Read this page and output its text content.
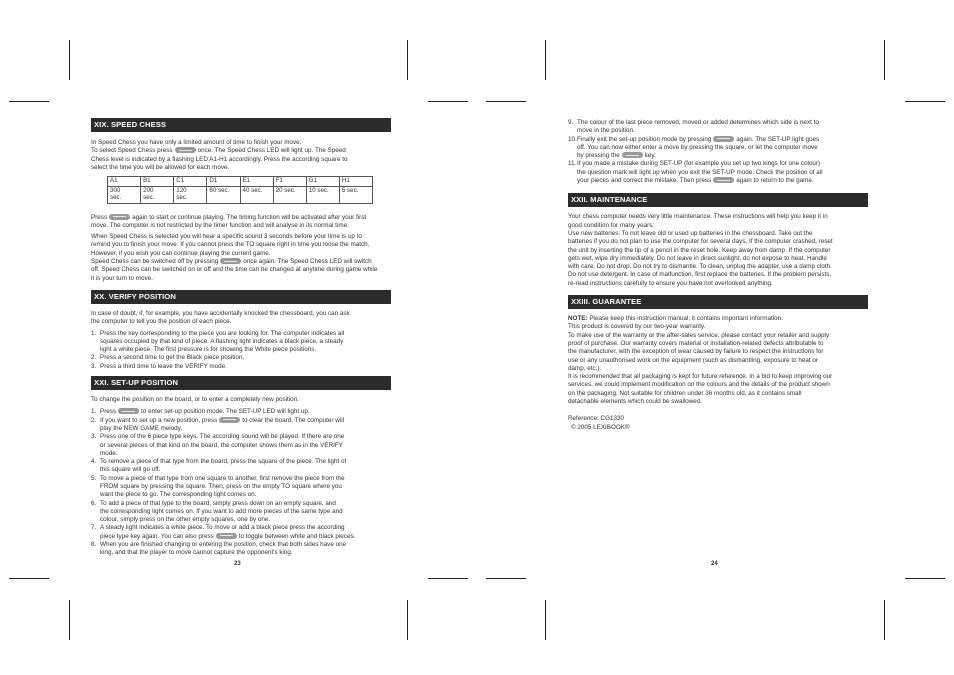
XIX. SPEED CHESS
In Speed Chess you have only a limited amount of time to finish your move.
To select Speed Chess press	once. The Speed Chess LED will light up. The Speed
Chess level is indicated by a flashing LED A1-H1 accordingly. Press the according square to
select the time you will be allowed for each move.
A1	B1	C1	D1	E1	F1	G1	H1
300
sec.	200
sec.	120
sec.	60 sec.	40 sec.	20 sec.	10 sec.	5 sec.
Press	again to start or continue playing. The timing function will be activated after your first
move. The computer is not restricted by the timer function and will analyse in its normal time.
When Speed Chess is selected you will hear a specific sound 3 seconds before your time is up to
remind you to finish your move. If you cannot press the TO square right in time you loose the match.
However, if you wish you can continue playing the current game.
Speed Chess can be switched off by pressing	once again. The Speed Chess LED will switch
off. Speed Chess can be switched on or off and the time can be changed at anytime during game while
it is your turn to move.
XX. VERIFY POSITION
In case of doubt, if, for example, you have accidentally knocked the chessboard, you can ask
the computer to tell you the position of each piece.
1. Press the key corresponding to the piece you are looking for. The computer indicates all
squares occupied by that kind of piece. A flashing light indicates a black piece, a steady
light a white piece. The first pressure is for showing the White piece positions.
2. Press a second time to get the Black piece position.
3. Press a third time to leave the VERIFY mode.
XXI. SET-UP POSITION
To change the position on the board, or to enter a completely new position:
1. Press	to enter set-up position mode. The SET-UP LED will light up.
2. If you want to set up a new position, press	to clear the board. The computer will
play the NEW GAME melody.
3. Press one of the 6 piece type keys. The according sound will be played. If there are one
or several pieces of that kind on the board, the computer shows them as in the VERIFY
mode.
4. To remove a piece of that type from the board, press the square of the piece. The light of
this square will go off.
5. To move a piece of that type from one square to another, first remove the piece from the
FROM square by pressing the square. Then, press on the empty TO square where you
want the piece to go. The corresponding light comes on.
6. To add a piece of that type to the board, simply press down on an empty square, and
the corresponding light comes on. If you want to add more pieces of the same type and
colour, simply press on the other empty squares, one by one.
7. A steady light indicates a white piece. To move or add a black piece press the according
piece type key again. You can also press	to toggle between white and black pieces.
8. When you are finished changing or entering the position, check that both sides have one
king, and that the player to move cannot capture the opponent's king.
23
9. The colour of the last piece removed, moved or added determines which side is next to
move in the position.
10. Finally exit the set-up position mode by pressing	again. The SET-UP light goes
off. You can now either enter a move by pressing the square, or let the computer move
by pressing the	key.
11. If you made a mistake during SET-UP (for example you set up two kings for one colour)
the question mark will light up when you exit the SET-UP mode. Check the position of all
your pieces and correct the mistake. Then press	again to return to the game.
XXII. MAINTENANCE
Your chess computer needs very little maintenance. These instructions will help you keep it in
good condition for many years:
Use new batteries. To not leave old or used up batteries in the chessboard. Take out the
batteries if you do not plan to use the computer for several days. If the computer crashed, reset
the unit by inserting the tip of a pencil in the reset hole. Keep away from damp. If the computer
gets wet, wipe dry immediately. Do not leave in direct sunlight, do not expose to heat. Handle
with care. Do not drop. Do not try to dismantle. To clean, unplug the adapter, use a damp cloth.
Do not use detergent. In case of malfunction, first replace the batteries. If the problem persists,
re-read instructions carefully to ensure you have not overlooked anything.
XXIII. GUARANTEE
NOTE: Please keep this instruction manual, it contains important information.
This product is covered by our two-year warranty.
To make use of the warranty or the after-sales service, please contact your retailer and supply
proof of purchase. Our warranty covers material or installation-related defects attributable to
the manufacturer, with the exception of wear caused by failure to respect the instructions for
use or any unauthorised work on the equipment (such as dismantling, exposure to heat or
damp, etc.).
It is recommended that all packaging is kept for future reference. In a bid to keep improving our
services, we could implement modification on the colours and the details of the product shown
on the packaging. Not suitable for children under 36 months old, as it contains small
detachable elements which could be swallowed.
Reference: CG1330
© 2005 LEXIBOOK®
24
